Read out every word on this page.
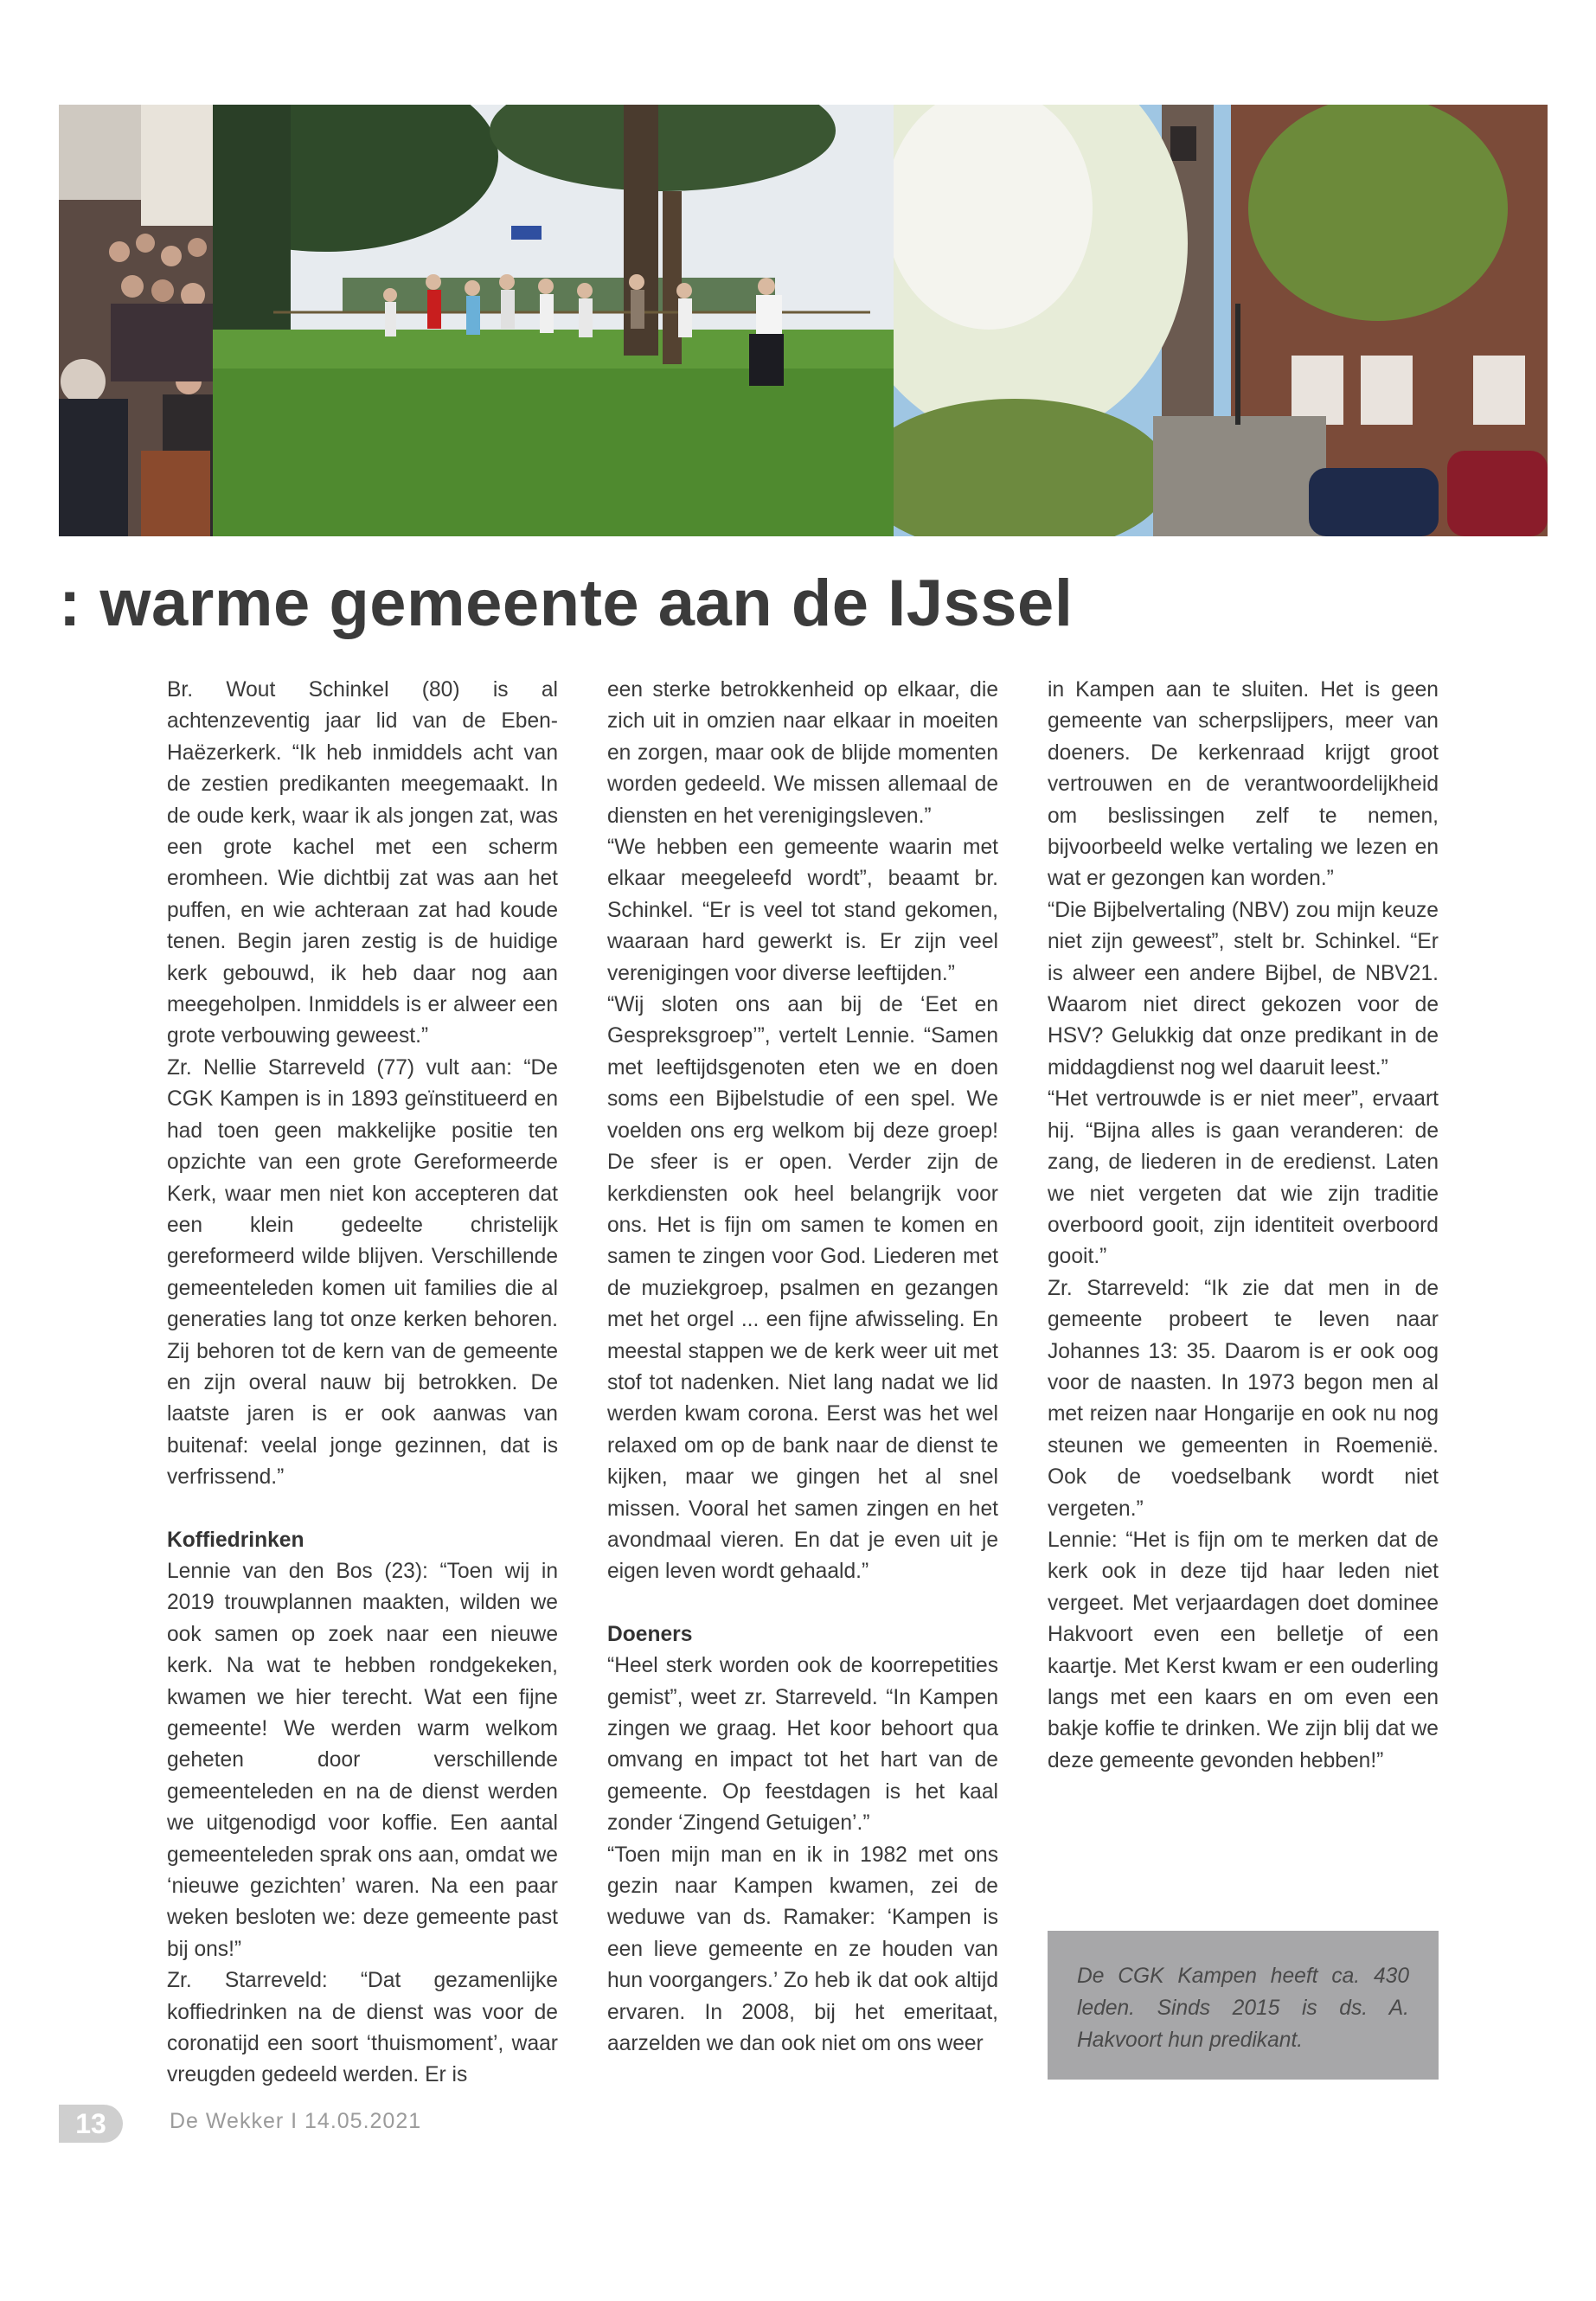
: warme gemeente aan de IJssel

Br. Wout Schinkel (80) is al achtenzeventig jaar lid van de Eben-Haëzerkerk. “Ik heb inmiddels acht van de zestien predikanten meegemaakt. In de oude kerk, waar ik als jongen zat, was een grote kachel met een scherm eromheen. Wie dichtbij zat was aan het puffen, en wie achteraan zat had koude tenen. Begin jaren zestig is de huidige kerk gebouwd, ik heb daar nog aan meegeholpen. Inmiddels is er alweer een grote verbouwing geweest.”

Zr. Nellie Starreveld (77) vult aan: “De CGK Kampen is in 1893 geïnstitueerd en had toen geen makkelijke positie ten opzichte van een grote Gereformeerde Kerk, waar men niet kon accepteren dat een klein gedeelte christelijk gereformeerd wilde blijven. Verschillende gemeenteleden komen uit families die al generaties lang tot onze kerken behoren. Zij behoren tot de kern van de gemeente en zijn overal nauw bij betrokken. De laatste jaren is er ook aanwas van buitenaf: veelal jonge gezinnen, dat is verfrissend.”

Koffiedrinken

Lennie van den Bos (23): “Toen wij in 2019 trouwplannen maakten, wilden we ook samen op zoek naar een nieuwe kerk. Na wat te hebben rondgekeken, kwamen we hier terecht. Wat een fijne gemeente! We werden warm welkom geheten door verschillende gemeenteleden en na de dienst werden we uitgenodigd voor koffie. Een aantal gemeenteleden sprak ons aan, omdat we ‘nieuwe gezichten’ waren. Na een paar weken besloten we: deze gemeente past bij ons!”

Zr. Starreveld: “Dat gezamenlijke koffiedrinken na de dienst was voor de coronatijd een soort ‘thuismoment’, waar vreugden gedeeld werden. Er is

een sterke betrokkenheid op elkaar, die zich uit in omzien naar elkaar in moeiten en zorgen, maar ook de blijde momenten worden gedeeld. We missen allemaal de diensten en het verenigingsleven.”

“We hebben een gemeente waarin met elkaar meegeleefd wordt”, beaamt br. Schinkel. “Er is veel tot stand gekomen, waaraan hard gewerkt is. Er zijn veel verenigingen voor diverse leeftijden.”

“Wij sloten ons aan bij de ‘Eet en Gespreksgroep’”, vertelt Lennie. “Samen met leeftijdsgenoten eten we en doen soms een Bijbelstudie of een spel. We voelden ons erg welkom bij deze groep! De sfeer is er open. Verder zijn de kerkdiensten ook heel belangrijk voor ons. Het is fijn om samen te komen en samen te zingen voor God. Liederen met de muziekgroep, psalmen en gezangen met het orgel ... een fijne afwisseling. En meestal stappen we de kerk weer uit met stof tot nadenken. Niet lang nadat we lid werden kwam corona. Eerst was het wel relaxed om op de bank naar de dienst te kijken, maar we gingen het al snel missen. Vooral het samen zingen en het avondmaal vieren. En dat je even uit je eigen leven wordt gehaald.”

Doeners

“Heel sterk worden ook de koorrepetities gemist”, weet zr. Starreveld. “In Kampen zingen we graag. Het koor behoort qua omvang en impact tot het hart van de gemeente. Op feestdagen is het kaal zonder ‘Zingend Getuigen’.”

“Toen mijn man en ik in 1982 met ons gezin naar Kampen kwamen, zei de weduwe van ds. Ramaker: ‘Kampen is een lieve gemeente en ze houden van hun voorgangers.’ Zo heb ik dat ook altijd ervaren. In 2008, bij het emeritaat, aarzelden we dan ook niet om ons weer

in Kampen aan te sluiten. Het is geen gemeente van scherpslijpers, meer van doeners. De kerkenraad krijgt groot vertrouwen en de verantwoordelijkheid om beslissingen zelf te nemen, bijvoorbeeld welke vertaling we lezen en wat er gezongen kan worden.”

“Die Bijbelvertaling (NBV) zou mijn keuze niet zijn geweest”, stelt br. Schinkel. “Er is alweer een andere Bijbel, de NBV21. Waarom niet direct gekozen voor de HSV? Gelukkig dat onze predikant in de middagdienst nog wel daaruit leest.”

“Het vertrouwde is er niet meer”, ervaart hij. “Bijna alles is gaan veranderen: de zang, de liederen in de eredienst. Laten we niet vergeten dat wie zijn traditie overboord gooit, zijn identiteit overboord gooit.”

Zr. Starreveld: “Ik zie dat men in de gemeente probeert te leven naar Johannes 13: 35. Daarom is er ook oog voor de naasten. In 1973 begon men al met reizen naar Hongarije en ook nu nog steunen we gemeenten in Roemenië. Ook de voedselbank wordt niet vergeten.”

Lennie: “Het is fijn om te merken dat de kerk ook in deze tijd haar leden niet vergeet. Met verjaardagen doet dominee Hakvoort even een belletje of een kaartje. Met Kerst kwam er een ouderling langs met een kaars en om even een bakje koffie te drinken. We zijn blij dat we deze gemeente gevonden hebben!”

De CGK Kampen heeft ca. 430 leden. Sinds 2015 is ds. A. Hakvoort hun predikant.

13	De Wekker I 14.05.2021
